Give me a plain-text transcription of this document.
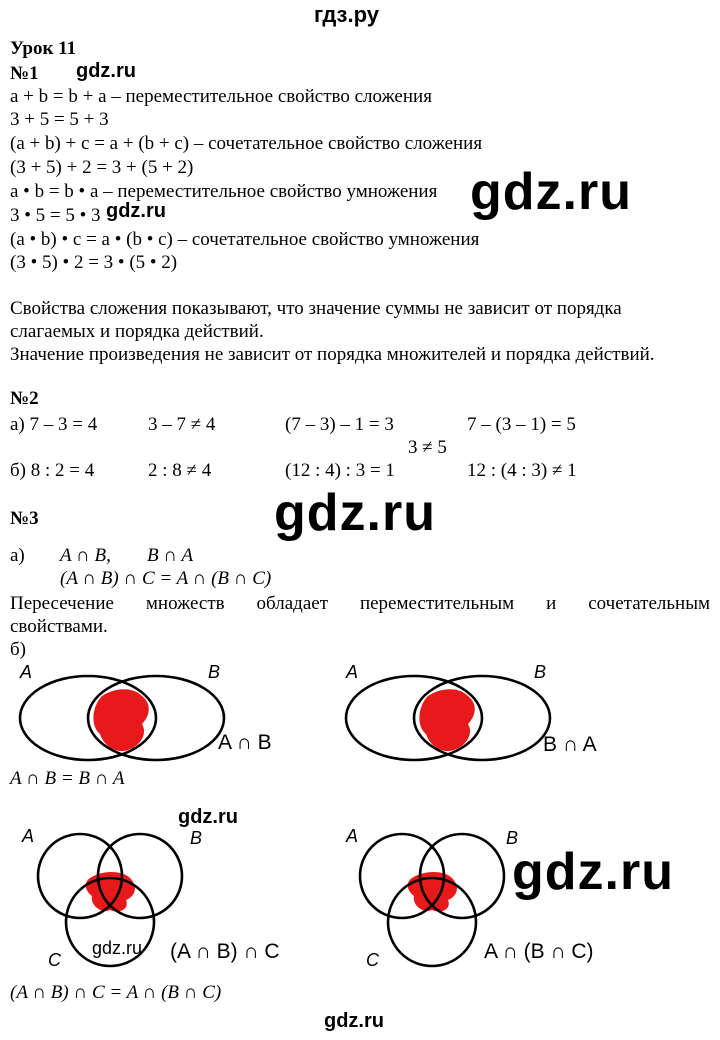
гдз.ру
Урок 11
№1 gdz.ru
a + b = b + a – переместительное свойство сложения
3 + 5 = 5 + 3
(a + b) + c = a + (b + c) – сочетательное свойство сложения
(3 + 5) + 2 = 3 + (5 + 2)
a • b = b • a – переместительное свойство умножения
3 • 5 = 5 • 3 gdz.ru
(a • b) • c = a • (b • c) – сочетательное свойство умножения
(3 • 5) • 2 = 3 • (5 • 2)
gdz.ru
Свойства сложения показывают, что значение суммы не зависит от порядка
слагаемых и порядка действий.
Значение произведения не зависит от порядка множителей и порядка действий.
№2
а) 7 – 3 = 4	3 – 7 ≠ 4	(7 – 3) – 1 = 3	7 – (3 – 1) = 5
3 ≠ 5
б) 8 : 2 = 4	2 : 8 ≠ 4	(12 : 4) : 3 = 1	12 : (4 : 3) ≠ 1
gdz.ru
№3
а) A ∩ B, B ∩ A
(A ∩ B) ∩ C = A ∩ (B ∩ C)
Пересечение множеств обладает переместительным и сочетательным
свойствами.
б)
A	B
A ∩ B
A	B
B ∩ A
A ∩ B = B ∩ A
gdz.ru
A	B
C	(A ∩ B) ∩ C
gdz.ru
A	B
C	A ∩ (B ∩ C)
gdz.ru
(A ∩ B) ∩ C = A ∩ (B ∩ C)
gdz.ru
